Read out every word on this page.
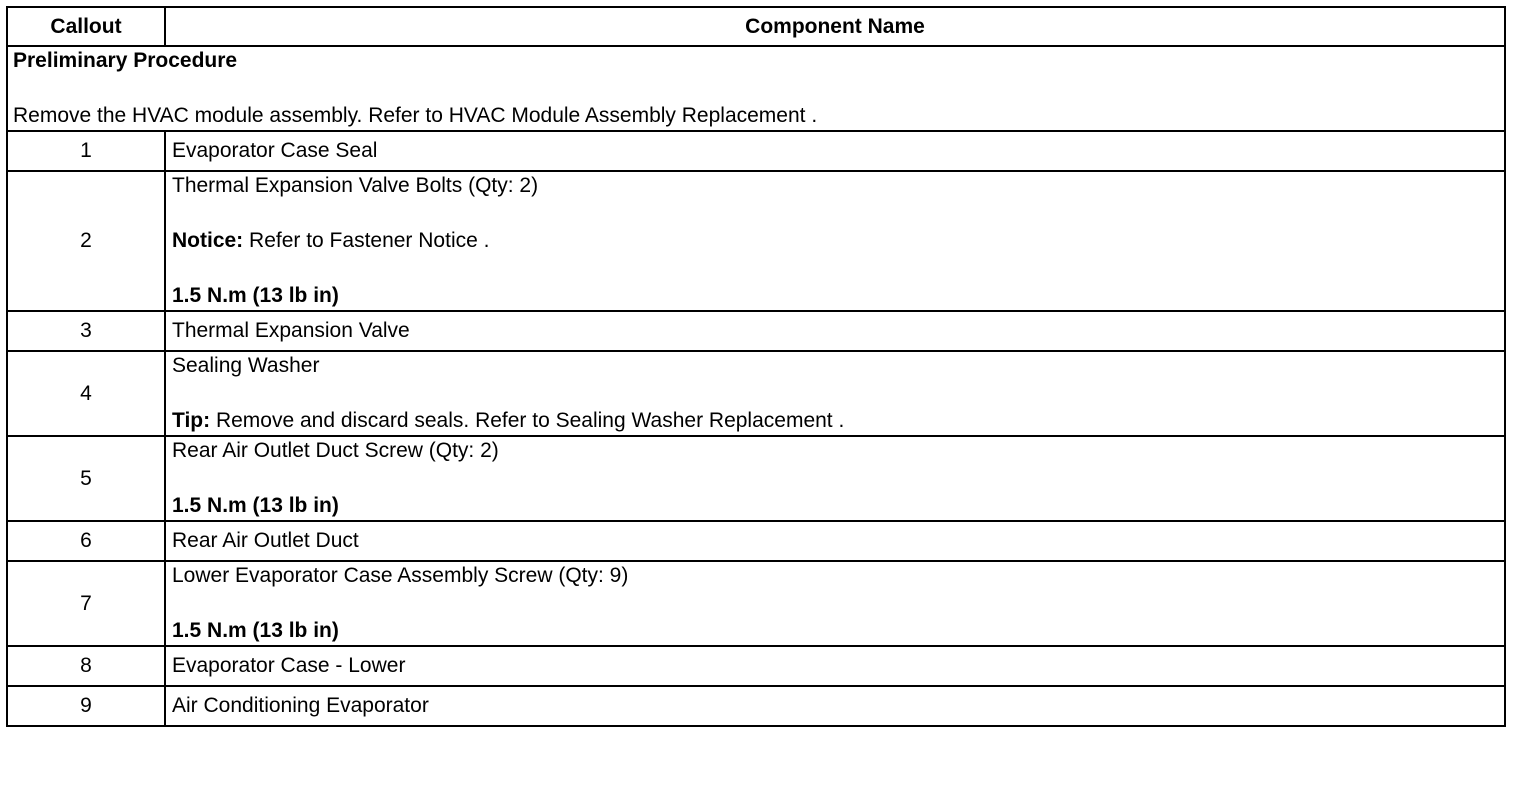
Callout	Component Name

Preliminary Procedure
Remove the HVAC module assembly. Refer to HVAC Module Assembly Replacement .	

1	Evaporator Case Seal
2	Thermal Expansion Valve Bolts (Qty: 2)
Notice: Refer to Fastener Notice .
1.5 N.m (13 lb in)

3	Thermal Expansion Valve
4	Sealing Washer
Tip: Remove and discard seals. Refer to Sealing Washer Replacement .

5	Rear Air Outlet Duct Screw (Qty: 2)
1.5 N.m (13 lb in)

6	Rear Air Outlet Duct
7	Lower Evaporator Case Assembly Screw (Qty: 9)
1.5 N.m (13 lb in)

8	Evaporator Case - Lower
9	Air Conditioning Evaporator
